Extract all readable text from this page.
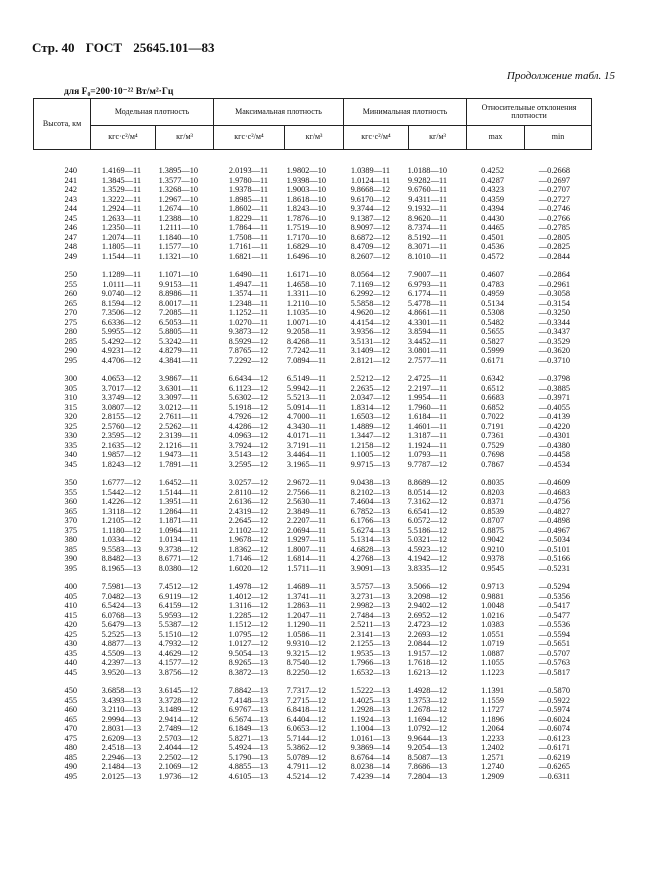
Стр. 40 ГОСТ 25645.101—83
Продолжение табл. 15
для F₀=200·10⁻²² Вт/м²·Гц
Высота, км	Модельная плотность		Максимальная плотность		Минимальная плотность		Относительные отклонения плотности	
	кгс·с²/м⁴	кг/м³	кгс·с²/м⁴	кг/м³	кгс·с²/м⁴	кг/м³	max	min
240	1.4169—11	1.3895—10	2.0193—11	1.9802—10	1.0389—11	1.0188—10	0.4252	—0.2668
241	1.3845—11	1.3577—10	1.9780—11	1.9398—10	1.0124—11	9.9282—11	0.4287	—0.2697
242	1.3529—11	1.3268—10	1.9378—11	1.9003—10	9.8668—12	9.6760—11	0.4323	—0.2707
243	1.3222—11	1.2967—10	1.8985—11	1.8618—10	9.6170—12	9.4311—11	0.4359	—0.2727
244	1.2924—11	1.2674—10	1.8602—11	1.8243—10	9.3744—12	9.1932—11	0.4394	—0.2746
245	1.2633—11	1.2388—10	1.8229—11	1.7876—10	9.1387—12	8.9620—11	0.4430	—0.2766
246	1.2350—11	1.2111—10	1.7864—11	1.7519—10	8.9097—12	8.7374—11	0.4465	—0.2785
247	1.2074—11	1.1840—10	1.7508—11	1.7170—10	8.6872—12	8.5192—11	0.4501	—0.2805
248	1.1805—11	1.1577—10	1.7161—11	1.6829—10	8.4709—12	8.3071—11	0.4536	—0.2825
249	1.1544—11	1.1321—10	1.6821—11	1.6496—10	8.2607—12	8.1010—11	0.4572	—0.2844
250	1.1289—11	1.1071—10	1.6490—11	1.6171—10	8.0564—12	7.9007—11	0.4607	—0.2864
255	1.0111—11	9.9153—11	1.4947—11	1.4658—10	7.1169—12	6.9793—11	0.4783	—0.2961
260	9.0740—12	8.8986—11	1.3574—11	1.3311—10	6.2992—12	6.1774—11	0.4959	—0.3058
265	8.1594—12	8.0017—11	1.2348—11	1.2110—10	5.5858—12	5.4778—11	0.5134	—0.3154
270	7.3506—12	7.2085—11	1.1252—11	1.1035—10	4.9620—12	4.8661—11	0.5308	—0.3250
275	6.6336—12	6.5053—11	1.0270—11	1.0071—10	4.4154—12	4.3301—11	0.5482	—0.3344
280	5.9955—12	5.8805—11	9.3873—12	9.2058—11	3.9356—12	3.8594—11	0.5655	—0.3437
285	5.4292—12	5.3242—11	8.5929—12	8.4268—11	3.5131—12	3.4452—11	0.5827	—0.3529
290	4.9231—12	4.8279—11	7.8765—12	7.7242—11	3.1409—12	3.0801—11	0.5999	—0.3620
295	4.4706—12	4.3841—11	7.2292—12	7.0894—11	2.8121—12	2.7577—11	0.6171	—0.3710
300	4.0653—12	3.9867—11	6.6434—12	6.5149—11	2.5212—12	2.4725—11	0.6342	—0.3798
305	3.7017—12	3.6301—11	6.1123—12	5.9942—11	2.2635—12	2.2197—11	0.6512	—0.3885
310	3.3749—12	3.3097—11	5.6302—12	5.5213—11	2.0347—12	1.9954—11	0.6683	—0.3971
315	3.0807—12	3.0212—11	5.1918—12	5.0914—11	1.8314—12	1.7960—11	0.6852	—0.4055
320	2.8155—12	2.7611—11	4.7926—12	4.7000—11	1.6503—12	1.6184—11	0.7022	—0.4139
325	2.5760—12	2.5262—11	4.4286—12	4.3430—11	1.4889—12	1.4601—11	0.7191	—0.4220
330	2.3595—12	2.3139—11	4.0963—12	4.0171—11	1.3447—12	1.3187—11	0.7361	—0.4301
335	2.1635—12	2.1216—11	3.7924—12	3.7191—11	1.2158—12	1.1924—11	0.7529	—0.4380
340	1.9857—12	1.9473—11	3.5143—12	3.4464—11	1.1005—12	1.0793—11	0.7698	—0.4458
345	1.8243—12	1.7891—11	3.2595—12	3.1965—11	9.9715—13	9.7787—12	0.7867	—0.4534
350	1.6777—12	1.6452—11	3.0257—12	2.9672—11	9.0438—13	8.8689—12	0.8035	—0.4609
355	1.5442—12	1.5144—11	2.8110—12	2.7566—11	8.2102—13	8.0514—12	0.8203	—0.4683
360	1.4226—12	1.3951—11	2.6136—12	2.5630—11	7.4604—13	7.3162—12	0.8371	—0.4756
365	1.3118—12	1.2864—11	2.4319—12	2.3849—11	6.7852—13	6.6541—12	0.8539	—0.4827
370	1.2105—12	1.1871—11	2.2645—12	2.2207—11	6.1766—13	6.0572—12	0.8707	—0.4898
375	1.1180—12	1.0964—11	2.1102—12	2.0694—11	5.6274—13	5.5186—12	0.8875	—0.4967
380	1.0334—12	1.0134—11	1.9678—12	1.9297—11	5.1314—13	5.0321—12	0.9042	—0.5034
385	9.5583—13	9.3738—12	1.8362—12	1.8007—11	4.6828—13	4.5923—12	0.9210	—0.5101
390	8.8482—13	8.6771—12	1.7146—12	1.6814—11	4.2768—13	4.1942—12	0.9378	—0.5166
395	8.1965—13	8.0380—12	1.6020—12	1.5711—11	3.9091—13	3.8335—12	0.9545	—0.5231
400	7.5981—13	7.4512—12	1.4978—12	1.4689—11	3.5757—13	3.5066—12	0.9713	—0.5294
405	7.0482—13	6.9119—12	1.4012—12	1.3741—11	3.2731—13	3.2098—12	0.9881	—0.5356
410	6.5424—13	6.4159—12	1.3116—12	1.2863—11	2.9982—13	2.9402—12	1.0048	—0.5417
415	6.0768—13	5.9593—12	1.2285—12	1.2047—11	2.7484—13	2.6952—12	1.0216	—0.5477
420	5.6479—13	5.5387—12	1.1512—12	1.1290—11	2.5211—13	2.4723—12	1.0383	—0.5536
425	5.2525—13	5.1510—12	1.0795—12	1.0586—11	2.3141—13	2.2693—12	1.0551	—0.5594
430	4.8877—13	4.7932—12	1.0127—12	9.9310—12	2.1255—13	2.0844—12	1.0719	—0.5651
435	4.5509—13	4.4629—12	9.5054—13	9.3215—12	1.9535—13	1.9157—12	1.0887	—0.5707
440	4.2397—13	4.1577—12	8.9265—13	8.7540—12	1.7966—13	1.7618—12	1.1055	—0.5763
445	3.9520—13	3.8756—12	8.3872—13	8.2250—12	1.6532—13	1.6213—12	1.1223	—0.5817
450	3.6858—13	3.6145—12	7.8842—13	7.7317—12	1.5222—13	1.4928—12	1.1391	—0.5870
455	3.4393—13	3.3728—12	7.4148—13	7.2715—12	1.4025—13	1.3753—12	1.1559	—0.5922
460	3.2110—13	3.1489—12	6.9767—13	6.8418—12	1.2928—13	1.2678—12	1.1727	—0.5974
465	2.9994—13	2.9414—12	6.5674—13	6.4404—12	1.1924—13	1.1694—12	1.1896	—0.6024
470	2.8031—13	2.7489—12	6.1849—13	6.0653—12	1.1004—13	1.0792—12	1.2064	—0.6074
475	2.6209—13	2.5703—12	5.8271—13	5.7144—12	1.0161—13	9.9644—13	1.2233	—0.6123
480	2.4518—13	2.4044—12	5.4924—13	5.3862—12	9.3869—14	9.2054—13	1.2402	—0.6171
485	2.2946—13	2.2502—12	5.1790—13	5.0789—12	8.6764—14	8.5087—13	1.2571	—0.6219
490	2.1484—13	2.1069—12	4.8855—13	4.7911—12	8.0238—14	7.8686—13	1.2740	—0.6265
495	2.0125—13	1.9736—12	4.6105—13	4.5214—12	7.4239—14	7.2804—13	1.2909	—0.6311
